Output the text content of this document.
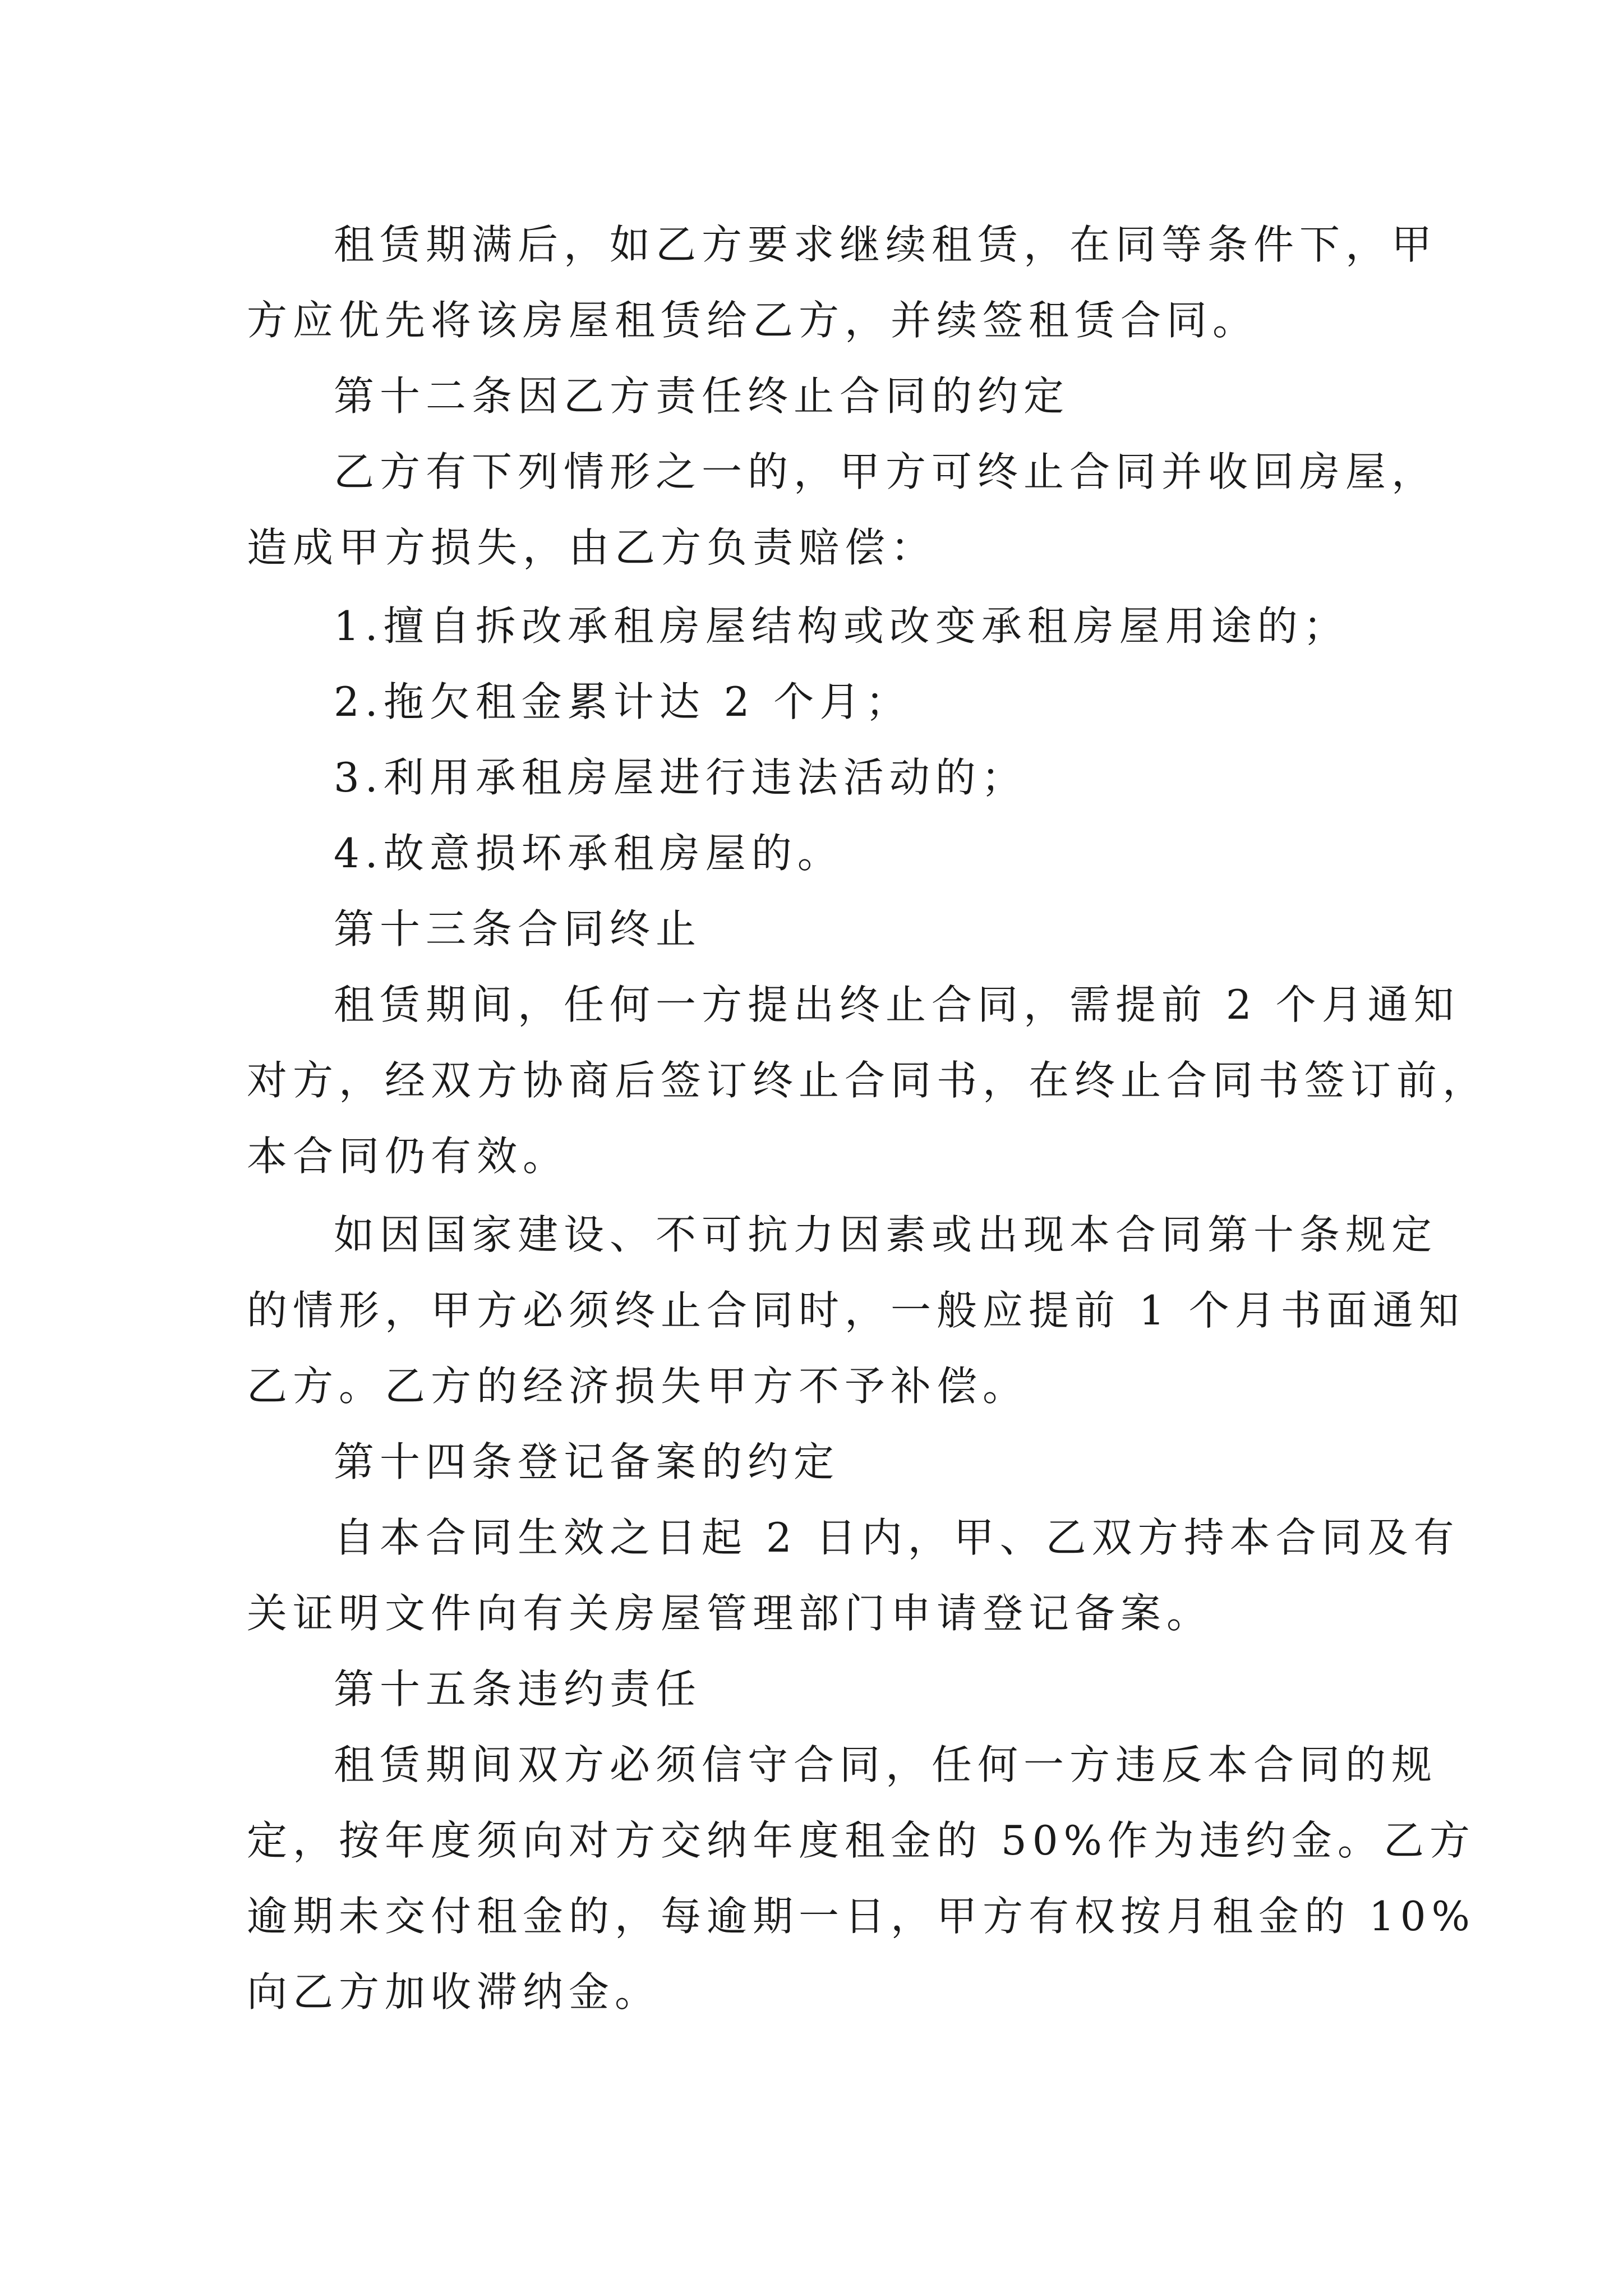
租赁期满后，如乙方要求继续租赁，在同等条件下，甲
方应优先将该房屋租赁给乙方，并续签租赁合同。
第十二条因乙方责任终止合同的约定
乙方有下列情形之一的，甲方可终止合同并收回房屋，
造成甲方损失，由乙方负责赔偿：
1.擅自拆改承租房屋结构或改变承租房屋用途的；
2.拖欠租金累计达 2 个月；
3.利用承租房屋进行违法活动的；
4.故意损坏承租房屋的。
第十三条合同终止
租赁期间，任何一方提出终止合同，需提前 2 个月通知
对方，经双方协商后签订终止合同书，在终止合同书签订前，
本合同仍有效。
如因国家建设、不可抗力因素或出现本合同第十条规定
的情形，甲方必须终止合同时，一般应提前 1 个月书面通知
乙方。乙方的经济损失甲方不予补偿。
第十四条登记备案的约定
自本合同生效之日起 2 日内，甲、乙双方持本合同及有
关证明文件向有关房屋管理部门申请登记备案。
第十五条违约责任
租赁期间双方必须信守合同，任何一方违反本合同的规
定，按年度须向对方交纳年度租金的 50%作为违约金。乙方
逾期未交付租金的，每逾期一日，甲方有权按月租金的 10%
向乙方加收滞纳金。
